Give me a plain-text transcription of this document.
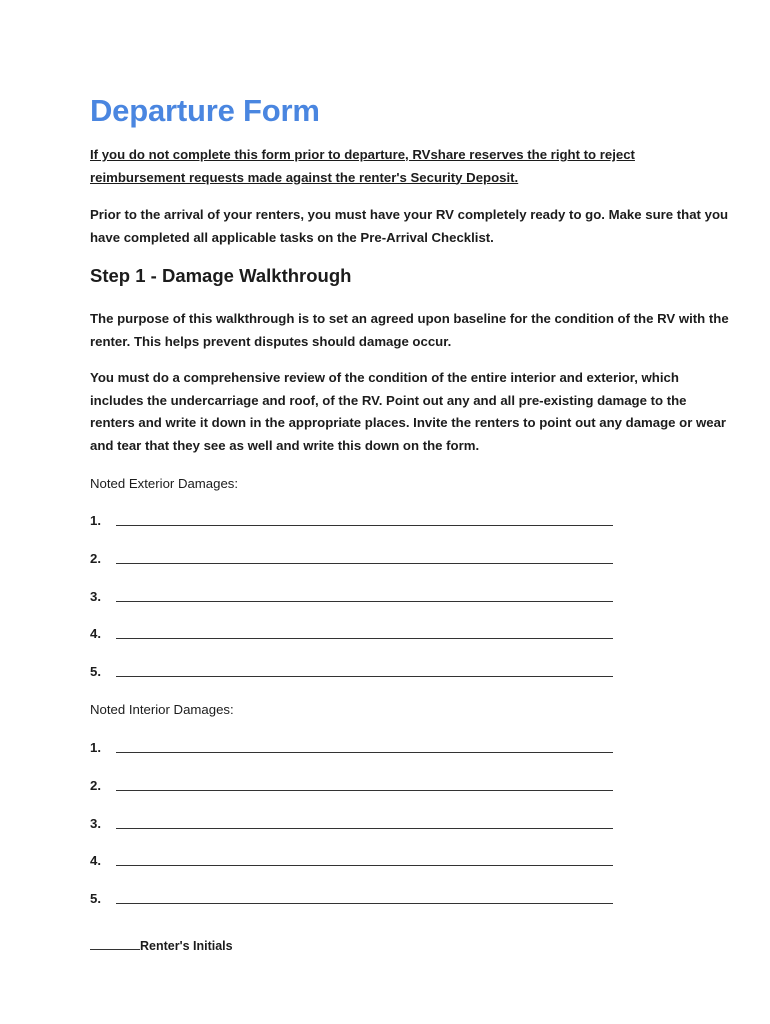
Departure Form

If you do not complete this form prior to departure, RVshare reserves the right to reject reimbursement requests made against the renter's Security Deposit.

Prior to the arrival of your renters, you must have your RV completely ready to go. Make sure that you have completed all applicable tasks on the Pre-Arrival Checklist.

Step 1 - Damage Walkthrough

The purpose of this walkthrough is to set an agreed upon baseline for the condition of the RV with the renter. This helps prevent disputes should damage occur.

You must do a comprehensive review of the condition of the entire interior and exterior, which includes the undercarriage and roof, of the RV. Point out any and all pre-existing damage to the renters and write it down in the appropriate places. Invite the renters to point out any damage or wear and tear that they see as well and write this down on the form.

Noted Exterior Damages:
1.
2.
3.
4.
5.
Noted Interior Damages:
1.
2.
3.
4.
5.
Renter's Initials
